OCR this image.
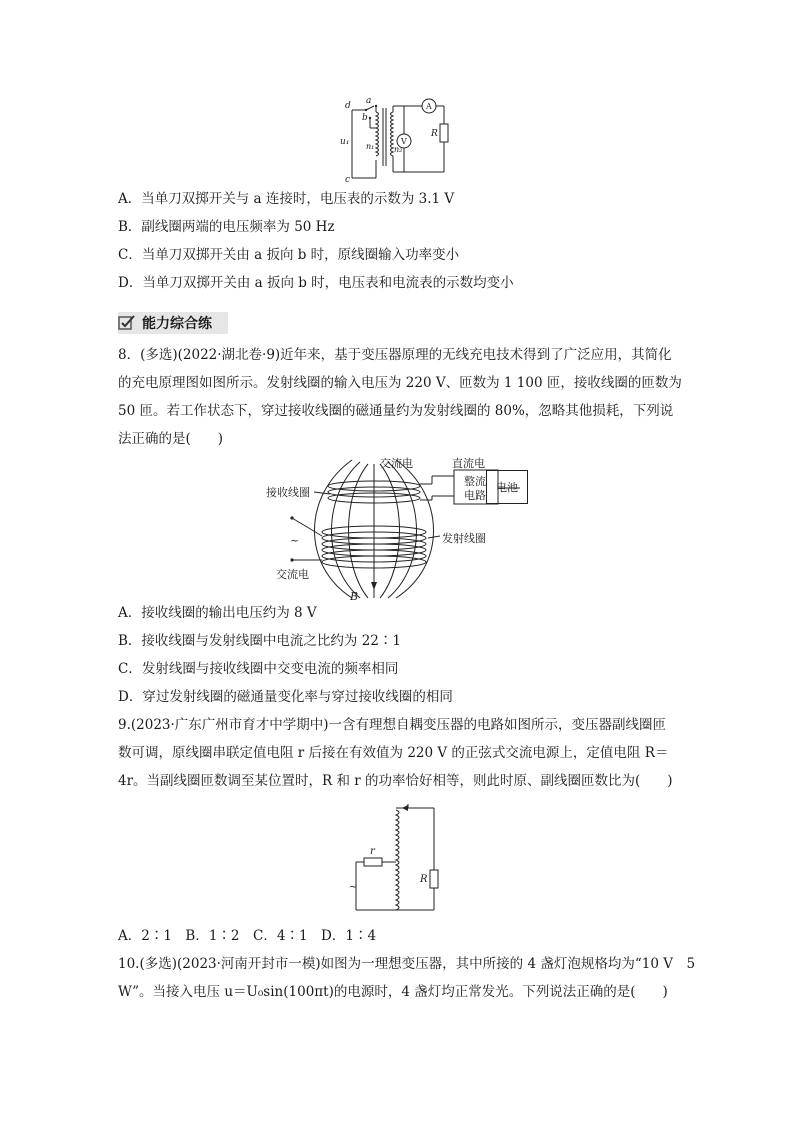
d a
b
c
u₁ n₁ n₂
A
V
R
A．当单刀双掷开关与 a 连接时，电压表的示数为 3.1 V
B．副线圈两端的电压频率为 50 Hz
C．当单刀双掷开关由 a 扳向 b 时，原线圈输入功率变小
D．当单刀双掷开关由 a 扳向 b 时，电压表和电流表的示数均变小
能力综合练
8．(多选)(2022·湖北卷·9)近年来，基于变压器原理的无线充电技术得到了广泛应用，其简化
的充电原理图如图所示。发射线圈的输入电压为 220 V、匝数为 1 100 匝，接收线圈的匝数为
50 匝。若工作状态下，穿过接收线圈的磁通量约为发射线圈的 80%，忽略其他损耗，下列说
法正确的是(　　)
交流电	直流电
整流
电路
接收线圈
发射线圈
交流电
~
B
电池
A．接收线圈的输出电压约为 8 V
B．接收线圈与发射线圈中电流之比约为 22∶1
C．发射线圈与接收线圈中交变电流的频率相同
D．穿过发射线圈的磁通量变化率与穿过接收线圈的相同
9.(2023·广东广州市育才中学期中)一含有理想自耦变压器的电路如图所示，变压器副线圈匝
数可调，原线圈串联定值电阻 r 后接在有效值为 220 V 的正弦式交流电源上，定值电阻 R＝
4r。当副线圈匝数调至某位置时，R 和 r 的功率恰好相等，则此时原、副线圈匝数比为(　　)
r
R
~
A．2∶1　B．1∶2　C．4∶1　D．1∶4
10.(多选)(2023·河南开封市一模)如图为一理想变压器，其中所接的 4 盏灯泡规格均为“10 V　5
W”。当接入电压 u＝U₀sin(100πt)的电源时，4 盏灯均正常发光。下列说法正确的是(　　)
